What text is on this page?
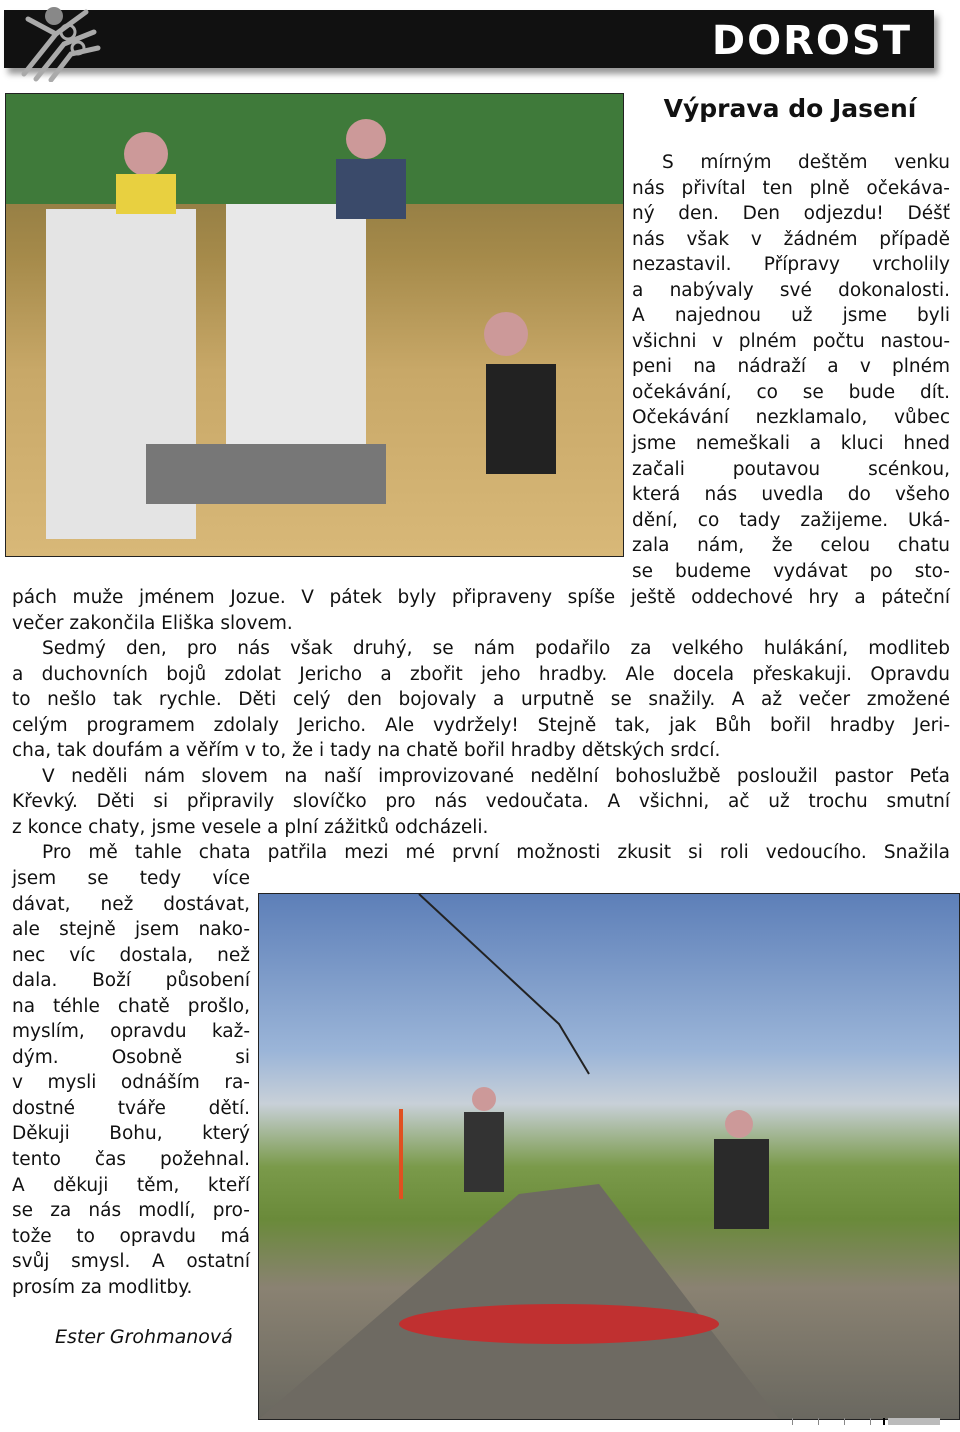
DOROST
Výprava do Jasení
S mírným deštěm venku
nás přivítal ten plně očekáva-
ný den. Den odjezdu! Déšť
nás však v žádném případě
nezastavil. Přípravy vrcholily
a nabývaly své dokonalosti.
A najednou už jsme byli
všichni v plném počtu nastou-
peni na nádraží a v plném
očekávání, co se bude dít.
Očekávání nezklamalo, vůbec
jsme nemeškali a kluci hned
začali poutavou scénkou,
která nás uvedla do všeho
dění, co tady zažijeme. Uká-
zala nám, že celou chatu
se budeme vydávat po sto-
pách muže jménem Jozue. V pátek byly připraveny spíše ještě oddechové hry a páteční
večer zakončila Eliška slovem.
Sedmý den, pro nás však druhý, se nám podařilo za velkého hulákání, modliteb
a duchovních bojů zdolat Jericho a zbořit jeho hradby. Ale docela přeskakuji. Opravdu
to nešlo tak rychle. Děti celý den bojovaly a urputně se snažily. A až večer zmožené
celým programem zdolaly Jericho. Ale vydržely! Stejně tak, jak Bůh bořil hradby Jeri-
cha, tak doufám a věřím v to, že i tady na chatě bořil hradby dětských srdcí.
V neděli nám slovem na naší improvizované nedělní bohoslužbě posloužil pastor Peťa
Křevký. Děti si připravily slovíčko pro nás vedoučata. A všichni, ač už trochu smutní
z konce chaty, jsme vesele a plní zážitků odcházeli.
Pro mě tahle chata patřila mezi mé první možnosti zkusit si roli vedoucího. Snažila
jsem se tedy více
dávat, než dostávat,
ale stejně jsem nako-
nec víc dostala, než
dala. Boží působení
na téhle chatě prošlo,
myslím, opravdu kaž-
dým. Osobně si
v mysli odnáším ra-
dostné tváře dětí.
Děkuji Bohu, který
tento čas požehnal.
A děkuji těm, kteří
se za nás modlí, pro-
tože to opravdu má
svůj smysl. A ostatní
prosím za modlitby.
Ester Grohmanová
